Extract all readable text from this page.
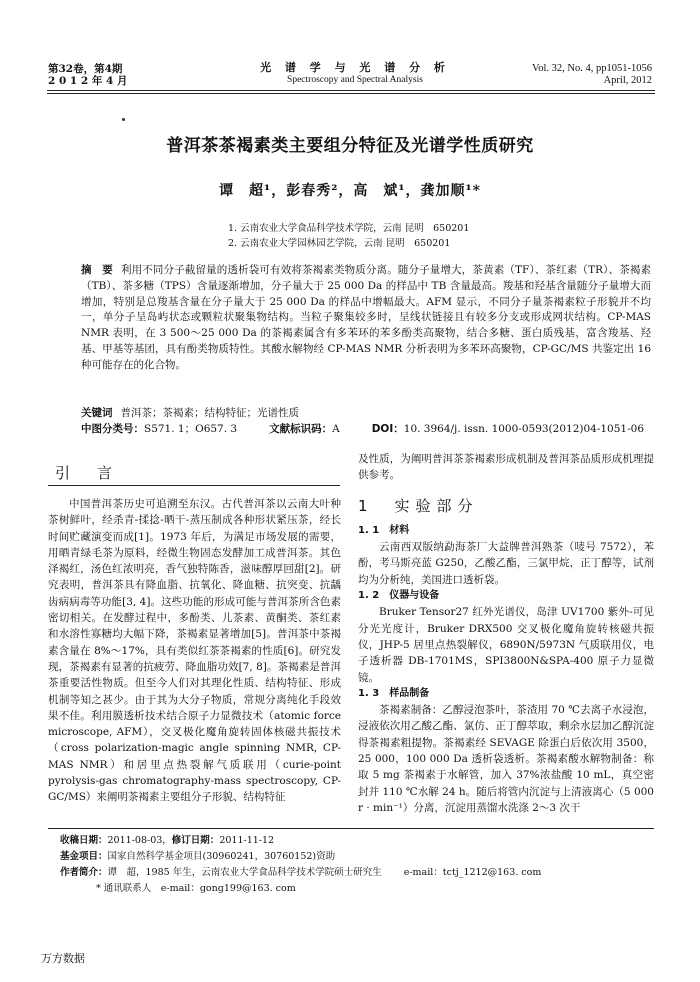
第32卷，第4期
2 0 1 2 年 4 月
光 谱 学 与 光 谱 分 析
Spectroscopy and Spectral Analysis
Vol. 32, No. 4, pp1051-1056
April, 2012
普洱茶茶褐素类主要组分特征及光谱学性质研究
谭　超¹，彭春秀²，高　斌¹，龚加顺¹*
1. 云南农业大学食品科学技术学院，云南 昆明　650201
2. 云南农业大学园林园艺学院，云南 昆明　650201
摘　要 利用不同分子截留量的透析袋可有效将茶褐素类物质分离。随分子量增大，茶黄素（TF）、茶红素（TR）、茶褐素（TB）、茶多糖（TPS）含量逐渐增加，分子量大于 25 000 Da 的样品中 TB 含量最高。羧基和羟基含量随分子量增大而增加，特别是总羧基含量在分子量大于 25 000 Da 的样品中增幅最大。AFM 显示，不同分子量茶褐素粒子形貌并不均一，单分子呈岛屿状态或颗粒状聚集物结构。当粒子聚集较多时，呈线状链接且有较多分支或形成网状结构。CP-MAS NMR 表明，在 3 500～25 000 Da 的茶褐素属含有多苯环的苯多酚类高聚物，结合多糖、蛋白质残基，富含羧基、羟基、甲基等基团，具有酚类物质特性。其酸水解物经 CP-MAS NMR 分析表明为多苯环高聚物，CP-GC/MS 共鉴定出 16 种可能存在的化合物。
关键词 普洱茶；茶褐素；结构特征；光谱性质
中图分类号：S571. 1；O657. 3	文献标识码：A	DOI：10. 3964/j. issn. 1000-0593(2012)04-1051-06
引　言

中国普洱茶历史可追溯至东汉。古代普洱茶以云南大叶种茶树鲜叶，经杀青-揉捻-晒干-蒸压制成各种形状紧压茶，经长时间贮藏演变而成[1]。1973 年后，为满足市场发展的需要，用晒青绿毛茶为原料，经微生物固态发酵加工成普洱茶。其色泽褐红，汤色红浓明亮，香气独特陈香，滋味醇厚回甜[2]。研究表明，普洱茶具有降血脂、抗氧化、降血糖、抗突变、抗龋齿病病毒等功能[3, 4]。这些功能的形成可能与普洱茶所含色素密切相关。在发酵过程中，多酚类、儿茶素、黄酮类、茶红素和水溶性寡糖均大幅下降，茶褐素显著增加[5]。普洱茶中茶褐素含量在 8%～17%，具有类似红茶茶褐素的性质[6]。研究发现，茶褐素有显著的抗疲劳、降血脂功效[7, 8]。茶褐素是普洱茶重要活性物质。但至今人们对其理化性质、结构特征、形成机制等知之甚少。由于其为大分子物质，常规分离纯化手段效果不佳。利用膜透析技术结合原子力显微技术（atomic force microscope, AFM），交叉极化魔角旋转固体核磁共振技术（cross polarization-magic angle spinning NMR, CP-MAS NMR）和居里点热裂解气质联用（curie-point pyrolysis-gas chromatography-mass spectroscopy, CP-GC/MS）来阐明茶褐素主要组分子形貌、结构特征

及性质，为阐明普洱茶茶褐素形成机制及普洱茶品质形成机理提供参考。
1　实验部分
1. 1　材料

云南西双版纳勐海茶厂大益牌普洱熟茶（唛号 7572），苯酚，考马斯亮蓝 G250，乙酸乙酯，三氯甲烷，正丁醇等，试剂均为分析纯，美国进口透析袋。

1. 2　仪器与设备

Bruker Tensor27 红外光谱仪，岛津 UV1700 紫外-可见分光光度计，Bruker DRX500 交叉极化魔角旋转核磁共振仪，JHP-5 居里点热裂解仪，6890N/5973N 气质联用仪，电子透析器 DB-1701MS，SPI3800N&SPA-400 原子力显微镜。

1. 3　样品制备

茶褐素制备：乙醇浸泡茶叶，茶渣用 70 ℃去离子水浸泡，浸液依次用乙酸乙酯、氯仿、正丁醇萃取，剩余水层加乙醇沉淀得茶褐素粗提物。茶褐素经 SEVAGE 除蛋白后依次用 3500，25 000，100 000 Da 透析袋透析。茶褐素酸水解物制备：称取 5 mg 茶褐素于水解管，加入 37%浓盐酸 10 mL，真空密封并 110 ℃水解 24 h。随后将管内沉淀与上清液离心（5 000 r · min⁻¹）分离，沉淀用蒸馏水洗涤 2～3 次干

收稿日期：2011-08-03，修订日期：2011-11-12
基金项目：国家自然科学基金项目(30960241，30760152)资助
作者简介：谭　超，1985 年生，云南农业大学食品科学技术学院硕士研究生 e-mail：tctj_1212@163. com
* 通讯联系人　e-mail：gong199@163. com
万方数据
